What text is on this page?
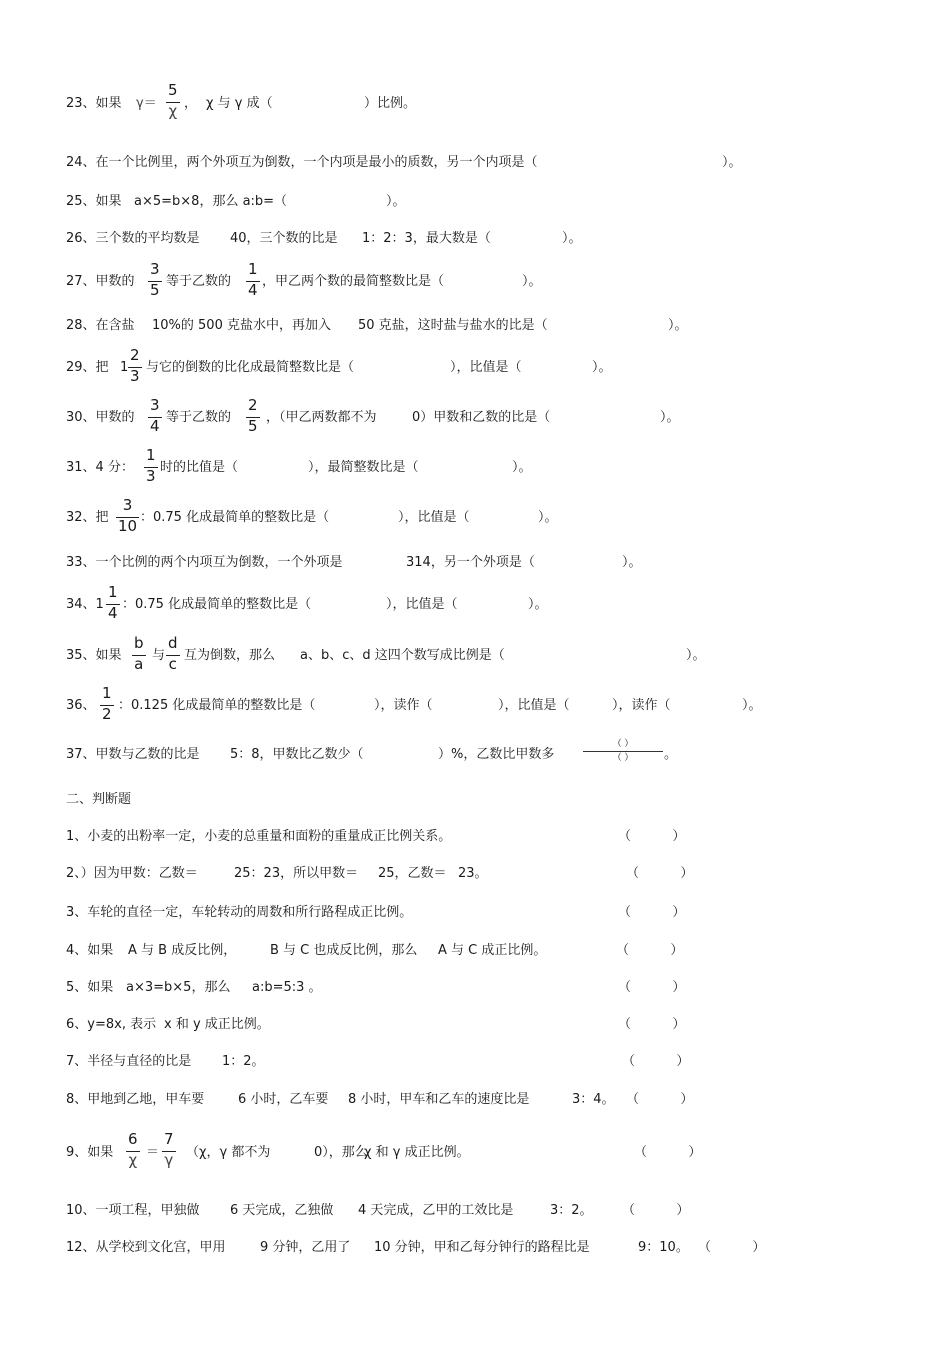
23、如果 $\gamma= \frac{5}{\chi}$ ， χ 与 γ 成（	）比例。
24、在一个比例里，两个外项互为倒数，一个内项是最小的质数，另一个内项是（	）。
25、如果 a×5=b×8，那么 a:b=（	）。
26、三个数的平均数是 40，三个数的比是 1：2：3，最大数是（	）。
27、甲数的 $\frac{3}{5}$ 等于乙数的 $\frac{1}{4}$ ，甲乙两个数的最简整数比是（	）。
28、在含盐 10%的 500 克盐水中，再加入 50 克盐，这时盐与盐水的比是（	）。
29、把 $1 \frac{2}{3}$ 与它的倒数的比化成最简整数比是（	），比值是（	）。
30、甲数的 $\frac{3}{4}$ 等于乙数的 $\frac{2}{5}$ ，（甲乙两数都不为	0）甲数和乙数的比是（	）。
31、4 分： $\frac{1}{3}$ 时的比值是（	），最简整数比是（	）。
32、把 $\frac{3}{10}$ ：0.75 化成最简单的整数比是（	），比值是（	）。
33、一个比例的两个内项互为倒数，一个外项是	314，另一个外项是（	）。
34、$1 \frac{1}{4}$ ：0.75 化成最简单的整数比是（	），比值是（	）。
35、如果 $\frac{b}{a}$ 与 $\frac{d}{c}$ 互为倒数，那么 a、b、c、d 这四个数写成比例是（	）。
36、 $\frac{1}{2}$ ：0.125 化成最简单的整数比是（	），读作（	），比值是（	），读作（	）。
37、甲数与乙数的比是 5：8，甲数比乙数少（	）%，乙数比甲数多	。
（ ）
（ ）
二、判断题
1、小麦的出粉率一定，小麦的总重量和面粉的重量成正比例关系。	（          ）
2、）因为甲数：乙数＝	25：23，所以甲数＝ 25，乙数＝ 23。	（          ）
3、车轮的直径一定，车轮转动的周数和所行路程成正比例。	（          ）
4、如果 A 与 B 成反比例，	B 与 C 也成反比例，那么 A 与 C 成正比例。	（          ）
5、如果 a×3=b×5，那么 a:b=5:3 。	（          ）
6、y=8x, 表示 x 和 y 成正比例。	（          ）
7、半径与直径的比是 1：2。	（          ）
8、甲地到乙地，甲车要	6 小时，乙车要 8 小时，甲车和乙车的速度比是	3：4。 （          ）
9、如果 $\frac{6}{\chi} = \frac{7}{\gamma} (\chi$，γ 都不为	0），那么
χ 和 γ 成正比例。	（          ）
10、一项工程，甲独做 6 天完成，乙独做 4 天完成，乙甲的工效比是	3：2。 （          ）
12、从学校到文化宫，甲用	9 分钟，乙用了 10 分钟，甲和乙每分钟行的路程比是	9：10。 （          ）
